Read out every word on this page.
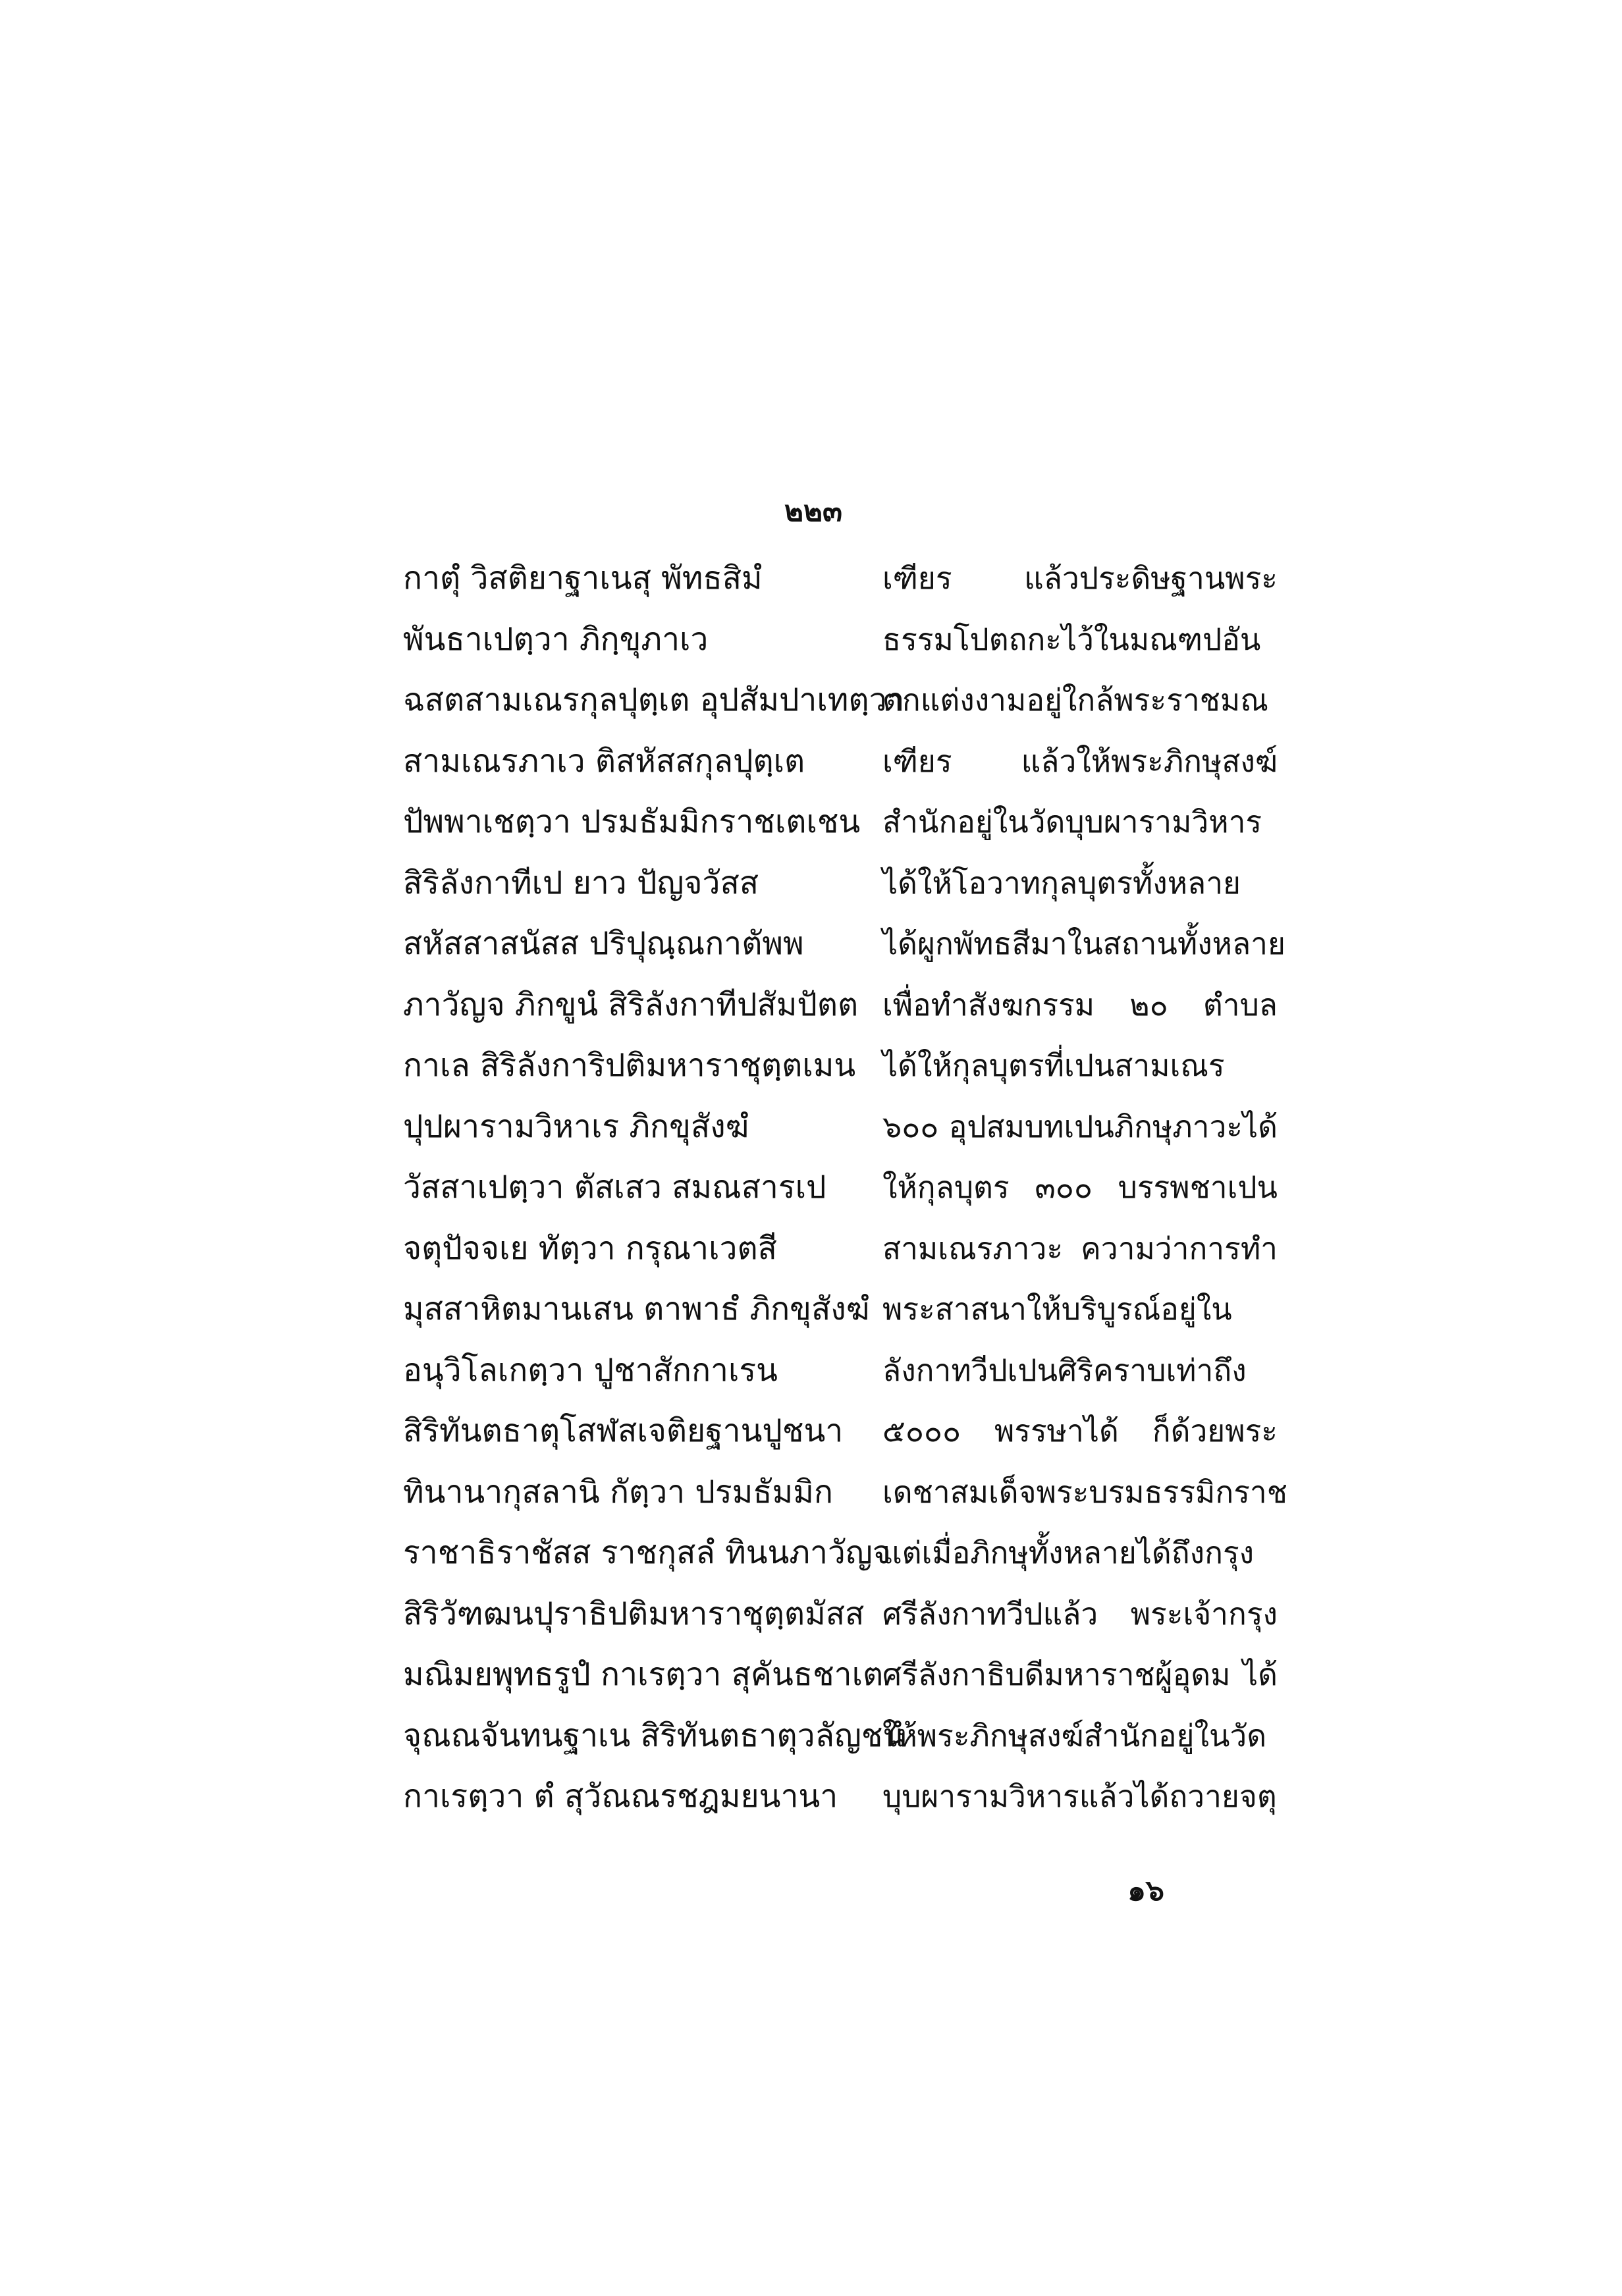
๒๒๓
กาตุํ วิสติยาฐาเนสุ พัทธสิมํ
พันธาเปตฺวา ภิกฺขุภาเว
ฉสตสามเณรกุลปุตฺเต อุปสัมปาเทตฺวา
สามเณรภาเว ติสหัสสกุลปุตฺเต
ปัพพาเชตฺวา ปรมธัมมิกราชเตเชน
สิริลังกาทีเป ยาว ปัญจวัสส
สหัสสาสนัสส ปริปุณฺณกาตัพพ
ภาวัญจ ภิกขูนํ สิริลังกาทีปสัมปัตต
กาเล สิริลังการิปติมหาราชุตฺตเมน
ปุปผารามวิหาเร ภิกขุสังฆํ
วัสสาเปตฺวา ตัสเสว สมณสารเป
จตุปัจจเย ทัตฺวา กรุณาเวตสี
มุสสาหิตมานเสน ตาพาธํ ภิกขุสังฆํ
อนุวิโลเกตฺวา ปูชาสักกาเรน
สิริทันตธาตุโสฬสเจติยฐานปูชนา
ทินานากุสลานิ กัตฺวา ปรมธัมมิก
ราชาธิราชัสส ราชกุสลํ ทินนภาวัญจ
สิริวัฑฒนปุราธิปติมหาราชุตฺตมัสส
มณิมยพุทธรูปํ กาเรตฺวา สุคันธชาเต
จุณณจันทนฐาเน สิริทันตธาตุวลัญชนํ
กาเรตฺวา ตํ สุวัณณรชฎมยนานา
เฑียร แล้วประดิษฐานพระ
ธรรมโปตถกะไว้ในมณฑปอัน
ตกแต่งงามอยู่ใกล้พระราชมณ
เฑียร แล้วให้พระภิกษุสงฆ์
สำนักอยู่ในวัดบุบผารามวิหาร
ได้ให้โอวาทกุลบุตรทั้งหลาย
ได้ผูกพัทธสีมาในสถานทั้งหลาย
เพื่อทำสังฆกรรม ๒๐ ตำบล
ได้ให้กุลบุตรที่เปนสามเณร
๖๐๐ อุปสมบทเปนภิกษุภาวะได้
ให้กุลบุตร ๓๐๐ บรรพชาเปน
สามเณรภาวะ ความว่าการทำ
พระสาสนาให้บริบูรณ์อยู่ใน
ลังกาทวีปเปนศิริคราบเท่าถึง
๕๐๐๐ พรรษาได้ ก็ด้วยพระ
เดชาสมเด็จพระบรมธรรมิกราช
แต่เมื่อภิกษุทั้งหลายได้ถึงกรุง
ศรีลังกาทวีปแล้ว พระเจ้ากรุง
ศรีลังกาธิบดีมหาราชผู้อุดม ได้
ให้พระภิกษุสงฆ์สำนักอยู่ในวัด
บุบผารามวิหารแล้วได้ถวายจตุ
๑๖
